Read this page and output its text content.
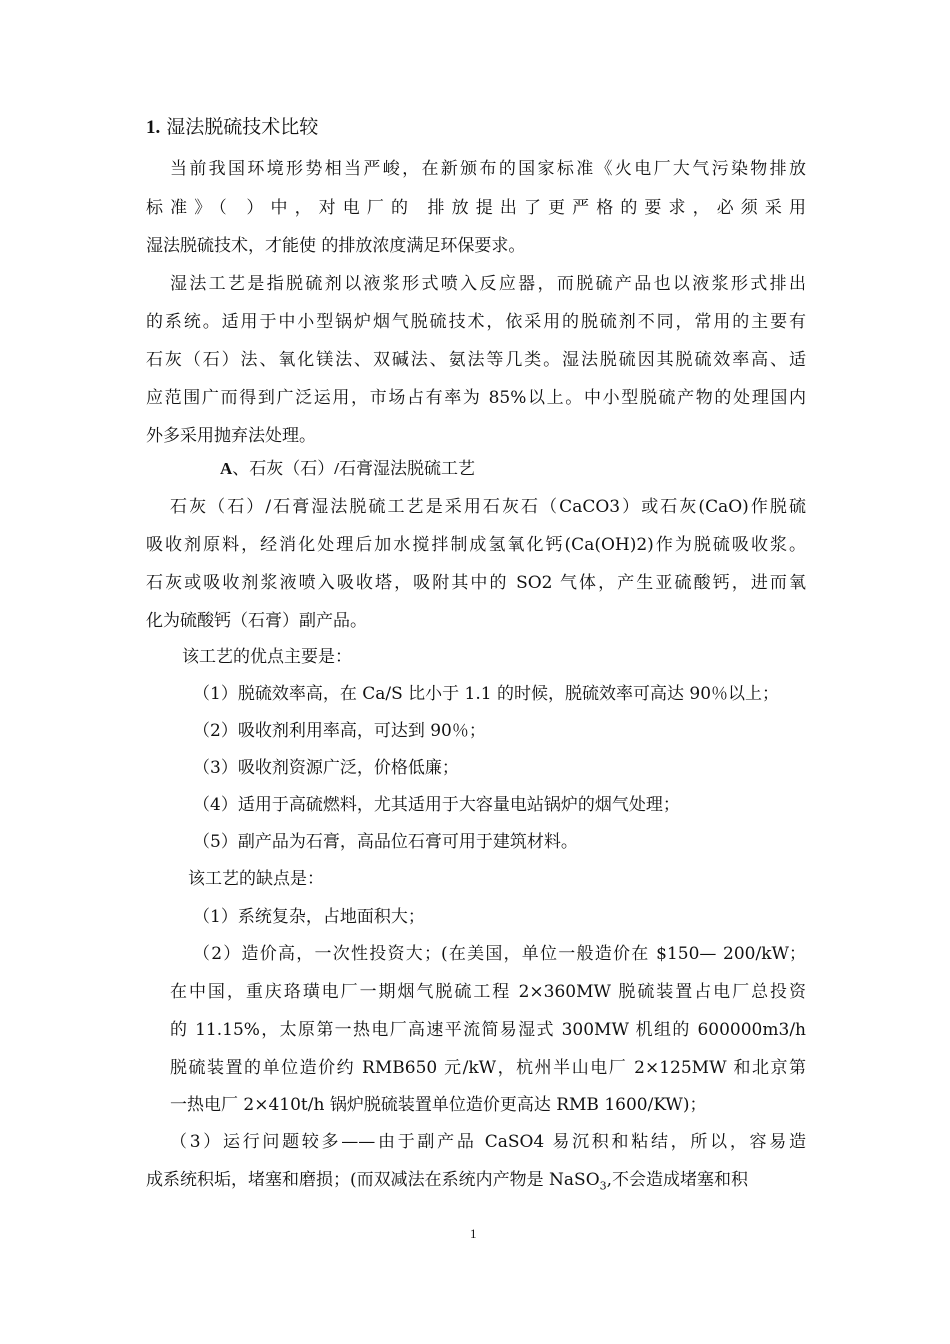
1. 湿法脱硫技术比较
当前我国环境形势相当严峻，在新颁布的国家标准《火电厂大气污染物排放
标准》（ ）中，对电厂的 排放提出了更严格的要求，必须采用
湿法脱硫技术，才能使 的排放浓度满足环保要求。
湿法工艺是指脱硫剂以液浆形式喷入反应器，而脱硫产品也以液浆形式排出
的系统。适用于中小型锅炉烟气脱硫技术，依采用的脱硫剂不同，常用的主要有
石灰（石）法、氧化镁法、双碱法、氨法等几类。湿法脱硫因其脱硫效率高、适
应范围广而得到广泛运用，市场占有率为 85%以上。中小型脱硫产物的处理国内
外多采用抛弃法处理。
A、石灰（石）/石膏湿法脱硫工艺
石灰（石）/石膏湿法脱硫工艺是采用石灰石（CaCO3）或石灰(CaO)作脱硫
吸收剂原料，经消化处理后加水搅拌制成氢氧化钙(Ca(OH)2)作为脱硫吸收浆。
石灰或吸收剂浆液喷入吸收塔，吸附其中的 SO2 气体，产生亚硫酸钙，进而氧
化为硫酸钙（石膏）副产品。
该工艺的优点主要是：
（1）脱硫效率高，在 Ca/S 比小于 1.1 的时候，脱硫效率可高达 90％以上；
（2）吸收剂利用率高，可达到 90％；
（3）吸收剂资源广泛，价格低廉；
（4）适用于高硫燃料，尤其适用于大容量电站锅炉的烟气处理；
（5）副产品为石膏，高品位石膏可用于建筑材料。
该工艺的缺点是：
（1）系统复杂，占地面积大；
（2）造价高，一次性投资大；(在美国，单位一般造价在 $150— 200/kW；
在中国，重庆珞璜电厂一期烟气脱硫工程 2×360MW 脱硫装置占电厂总投资
的 11.15%，太原第一热电厂高速平流简易湿式 300MW 机组的 600000m3/h
脱硫装置的单位造价约 RMB650 元/kW，杭州半山电厂 2×125MW 和北京第
一热电厂 2×410t/h 锅炉脱硫装置单位造价更高达 RMB 1600/KW)；
（3）运行问题较多——由于副产品 CaSO4 易沉积和粘结，所以，容易造
成系统积垢，堵塞和磨损；(而双减法在系统内产物是 NaSO$_3$,不会造成堵塞和积
1
